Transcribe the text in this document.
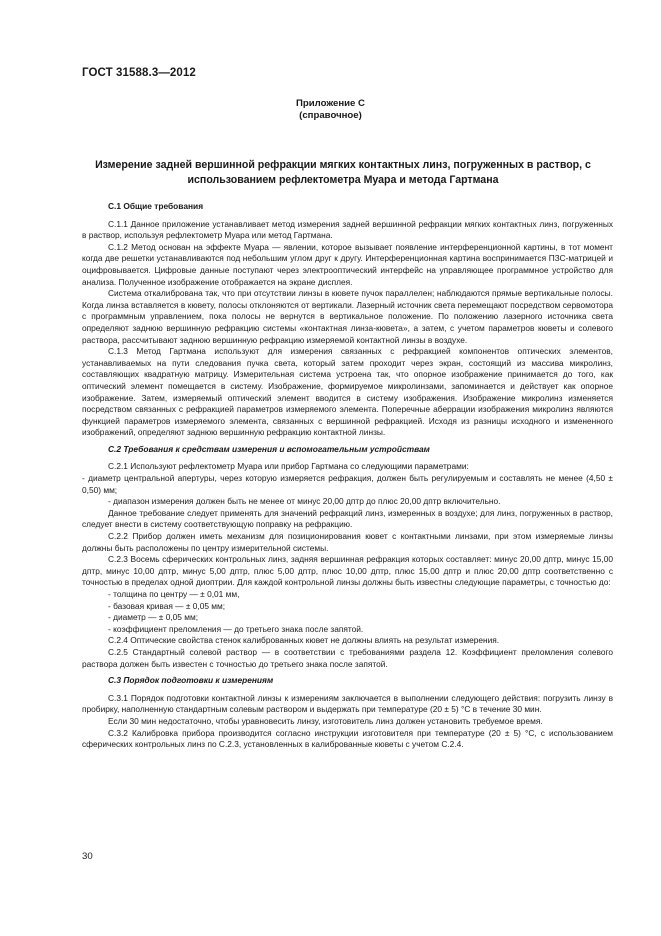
ГОСТ 31588.3—2012
Приложение С
(справочное)
Измерение задней вершинной рефракции мягких контактных линз, погруженных в раствор, с использованием рефлектометра Муара и метода Гартмана
С.1 Общие требования

С.1.1 Данное приложение устанавливает метод измерения задней вершинной рефракции мягких контактных линз, погруженных в раствор, используя рефлектометр Муара или метод Гартмана.

С.1.2 Метод основан на эффекте Муара — явлении, которое вызывает появление интерференционной картины, в тот момент когда две решетки устанавливаются под небольшим углом друг к другу. Интерференционная картина воспринимается ПЗС-матрицей и оцифровывается. Цифровые данные поступают через электрооптический интерфейс на управляющее программное устройство для анализа. Полученное изображение отображается на экране дисплея.

Система откалибрована так, что при отсутствии линзы в кювете пучок параллелен; наблюдаются прямые вертикальные полосы. Когда линза вставляется в кювету, полосы отклоняются от вертикали. Лазерный источник света перемещают посредством сервомотора с программным управлением, пока полосы не вернутся в вертикальное положение. По положению лазерного источника света определяют заднюю вершинную рефракцию системы «контактная линза-кювета», а затем, с учетом параметров кюветы и солевого раствора, рассчитывают заднюю вершинную рефракцию измеряемой контактной линзы в воздухе.

С.1.3 Метод Гартмана используют для измерения связанных с рефракцией компонентов оптических элементов, устанавливаемых на пути следования пучка света, который затем проходит через экран, состоящий из массива микролинз, составляющих квадратную матрицу. Измерительная система устроена так, что опорное изображение принимается до того, как оптический элемент помещается в систему. Изображение, формируемое микролинзами, запоминается и действует как опорное изображение. Затем, измеряемый оптический элемент вводится в систему изображения. Изображение микролинз изменяется посредством связанных с рефракцией параметров измеряемого элемента. Поперечные аберрации изображения микролинз являются функцией параметров измеряемого элемента, связанных с вершинной рефракцией. Исходя из разницы исходного и измененного изображений, определяют заднюю вершинную рефракцию контактной линзы.

С.2 Требования к средствам измерения и вспомогательным устройствам

С.2.1 Используют рефлектометр Муара или прибор Гартмана со следующими параметрами:

- диаметр центральной апертуры, через которую измеряется рефракция, должен быть регулируемым и составлять не менее (4,50 ± 0,50) мм;

- диапазон измерения должен быть не менее от минус 20,00 дптр до плюс 20,00 дптр включительно.

Данное требование следует применять для значений рефракций линз, измеренных в воздухе; для линз, погруженных в раствор, следует внести в систему соответствующую поправку на рефракцию.

С.2.2 Прибор должен иметь механизм для позиционирования кювет с контактными линзами, при этом измеряемые линзы должны быть расположены по центру измерительной системы.

С.2.3 Восемь сферических контрольных линз, задняя вершинная рефракция которых составляет: минус 20,00 дптр, минус 15,00 дптр, минус 10,00 дптр, минус 5,00 дптр, плюс 5,00 дптр, плюс 10,00 дптр, плюс 15,00 дптр и плюс 20,00 дптр соответственно с точностью в пределах одной диоптрии. Для каждой контрольной линзы должны быть известны следующие параметры, с точностью до:

- толщина по центру — ± 0,01 мм,

- базовая кривая — ± 0,05 мм;

- диаметр — ± 0,05 мм;

- коэффициент преломления — до третьего знака после запятой.

С.2.4 Оптические свойства стенок калиброванных кювет не должны влиять на результат измерения.

С.2.5 Стандартный солевой раствор — в соответствии с требованиями раздела 12. Коэффициент преломления солевого раствора должен быть известен с точностью до третьего знака после запятой.

С.3 Порядок подготовки к измерениям

С.3.1 Порядок подготовки контактной линзы к измерениям заключается в выполнении следующего действия: погрузить линзу в пробирку, наполненную стандартным солевым раствором и выдержать при температуре (20 ± 5) °С в течение 30 мин.

Если 30 мин недостаточно, чтобы уравновесить линзу, изготовитель линз должен установить требуемое время.

С.3.2 Калибровка прибора производится согласно инструкции изготовителя при температуре (20 ± 5) °С, с использованием сферических контрольных линз по С.2.3, установленных в калиброванные кюветы с учетом С.2.4.

30
